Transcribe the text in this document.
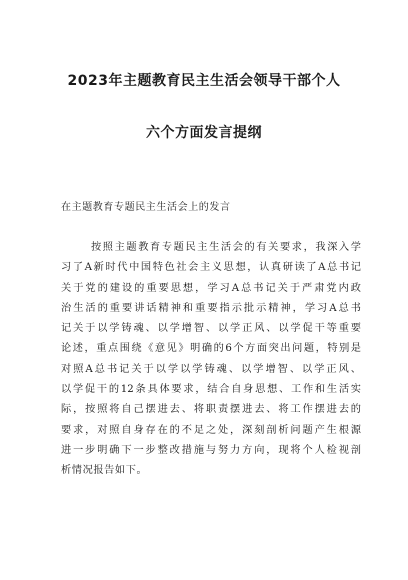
2023年主题教育民主生活会领导干部个人
六个方面发言提纲
在主题教育专题民主生活会上的发言
按照主题教育专题民主生活会的有关要求，我深入学
习了A新时代中国特色社会主义思想，认真研读了A总书记
关于党的建设的重要思想，学习A总书记关于严肃党内政
治生活的重要讲话精神和重要指示批示精神，学习A总书
记关于以学铸魂、以学增智、以学正风、以学促干等重要
论述，重点围绕《意见》明确的6个方面突出问题，特别是
对照A总书记关于以学以学铸魂、以学增智、以学正风、
以学促干的12条具体要求，结合自身思想、工作和生活实
际，按照将自己摆进去、将职责摆进去、将工作摆进去的
要求，对照自身存在的不足之处，深刻剖析问题产生根源
进一步明确下一步整改措施与努力方向，现将个人检视剖
析情况报告如下。
